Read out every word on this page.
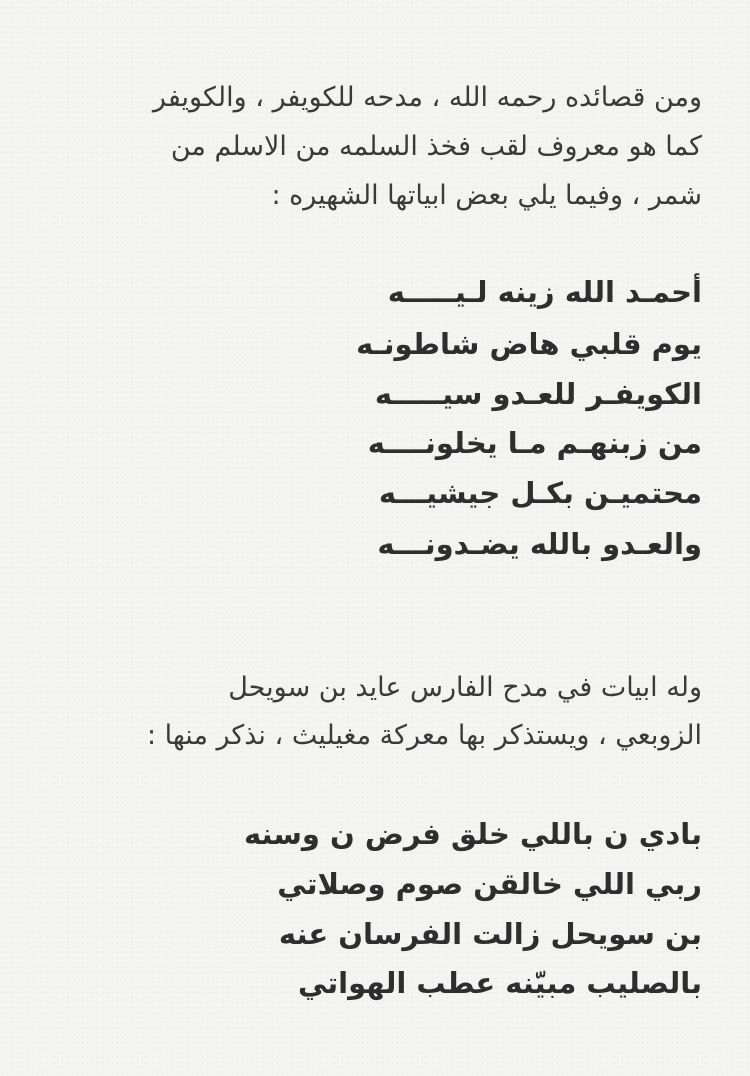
ومن قصائده رحمه الله ، مدحه للكويفر ، والكويفر
كما هو معروف لقب فخذ السلمه من الاسلم من
شمر ، وفيما يلي بعض ابياتها الشهيره :
أحمـد الله زينه لـيـــــه
يوم قلبي هاض شاطونـه
الكويفـر للعـدو سيـــــه
من زبنهـم مـا يخلونــــه
محتميـن بكـل جيشيـــه
والعـدو بالله يضـدونـــه
وله ابيات في مدح الفارس عايد بن سويحل
الزوبعي ، ويستذكر بها معركة مغيليث ، نذكر منها :
بادي ن باللي خلق فرض ن وسنه
ربي اللي خالقن صوم وصلاتي
بن سويحل زالت الفرسان عنه
بالصليب مبيّنه عطب الهواتي
